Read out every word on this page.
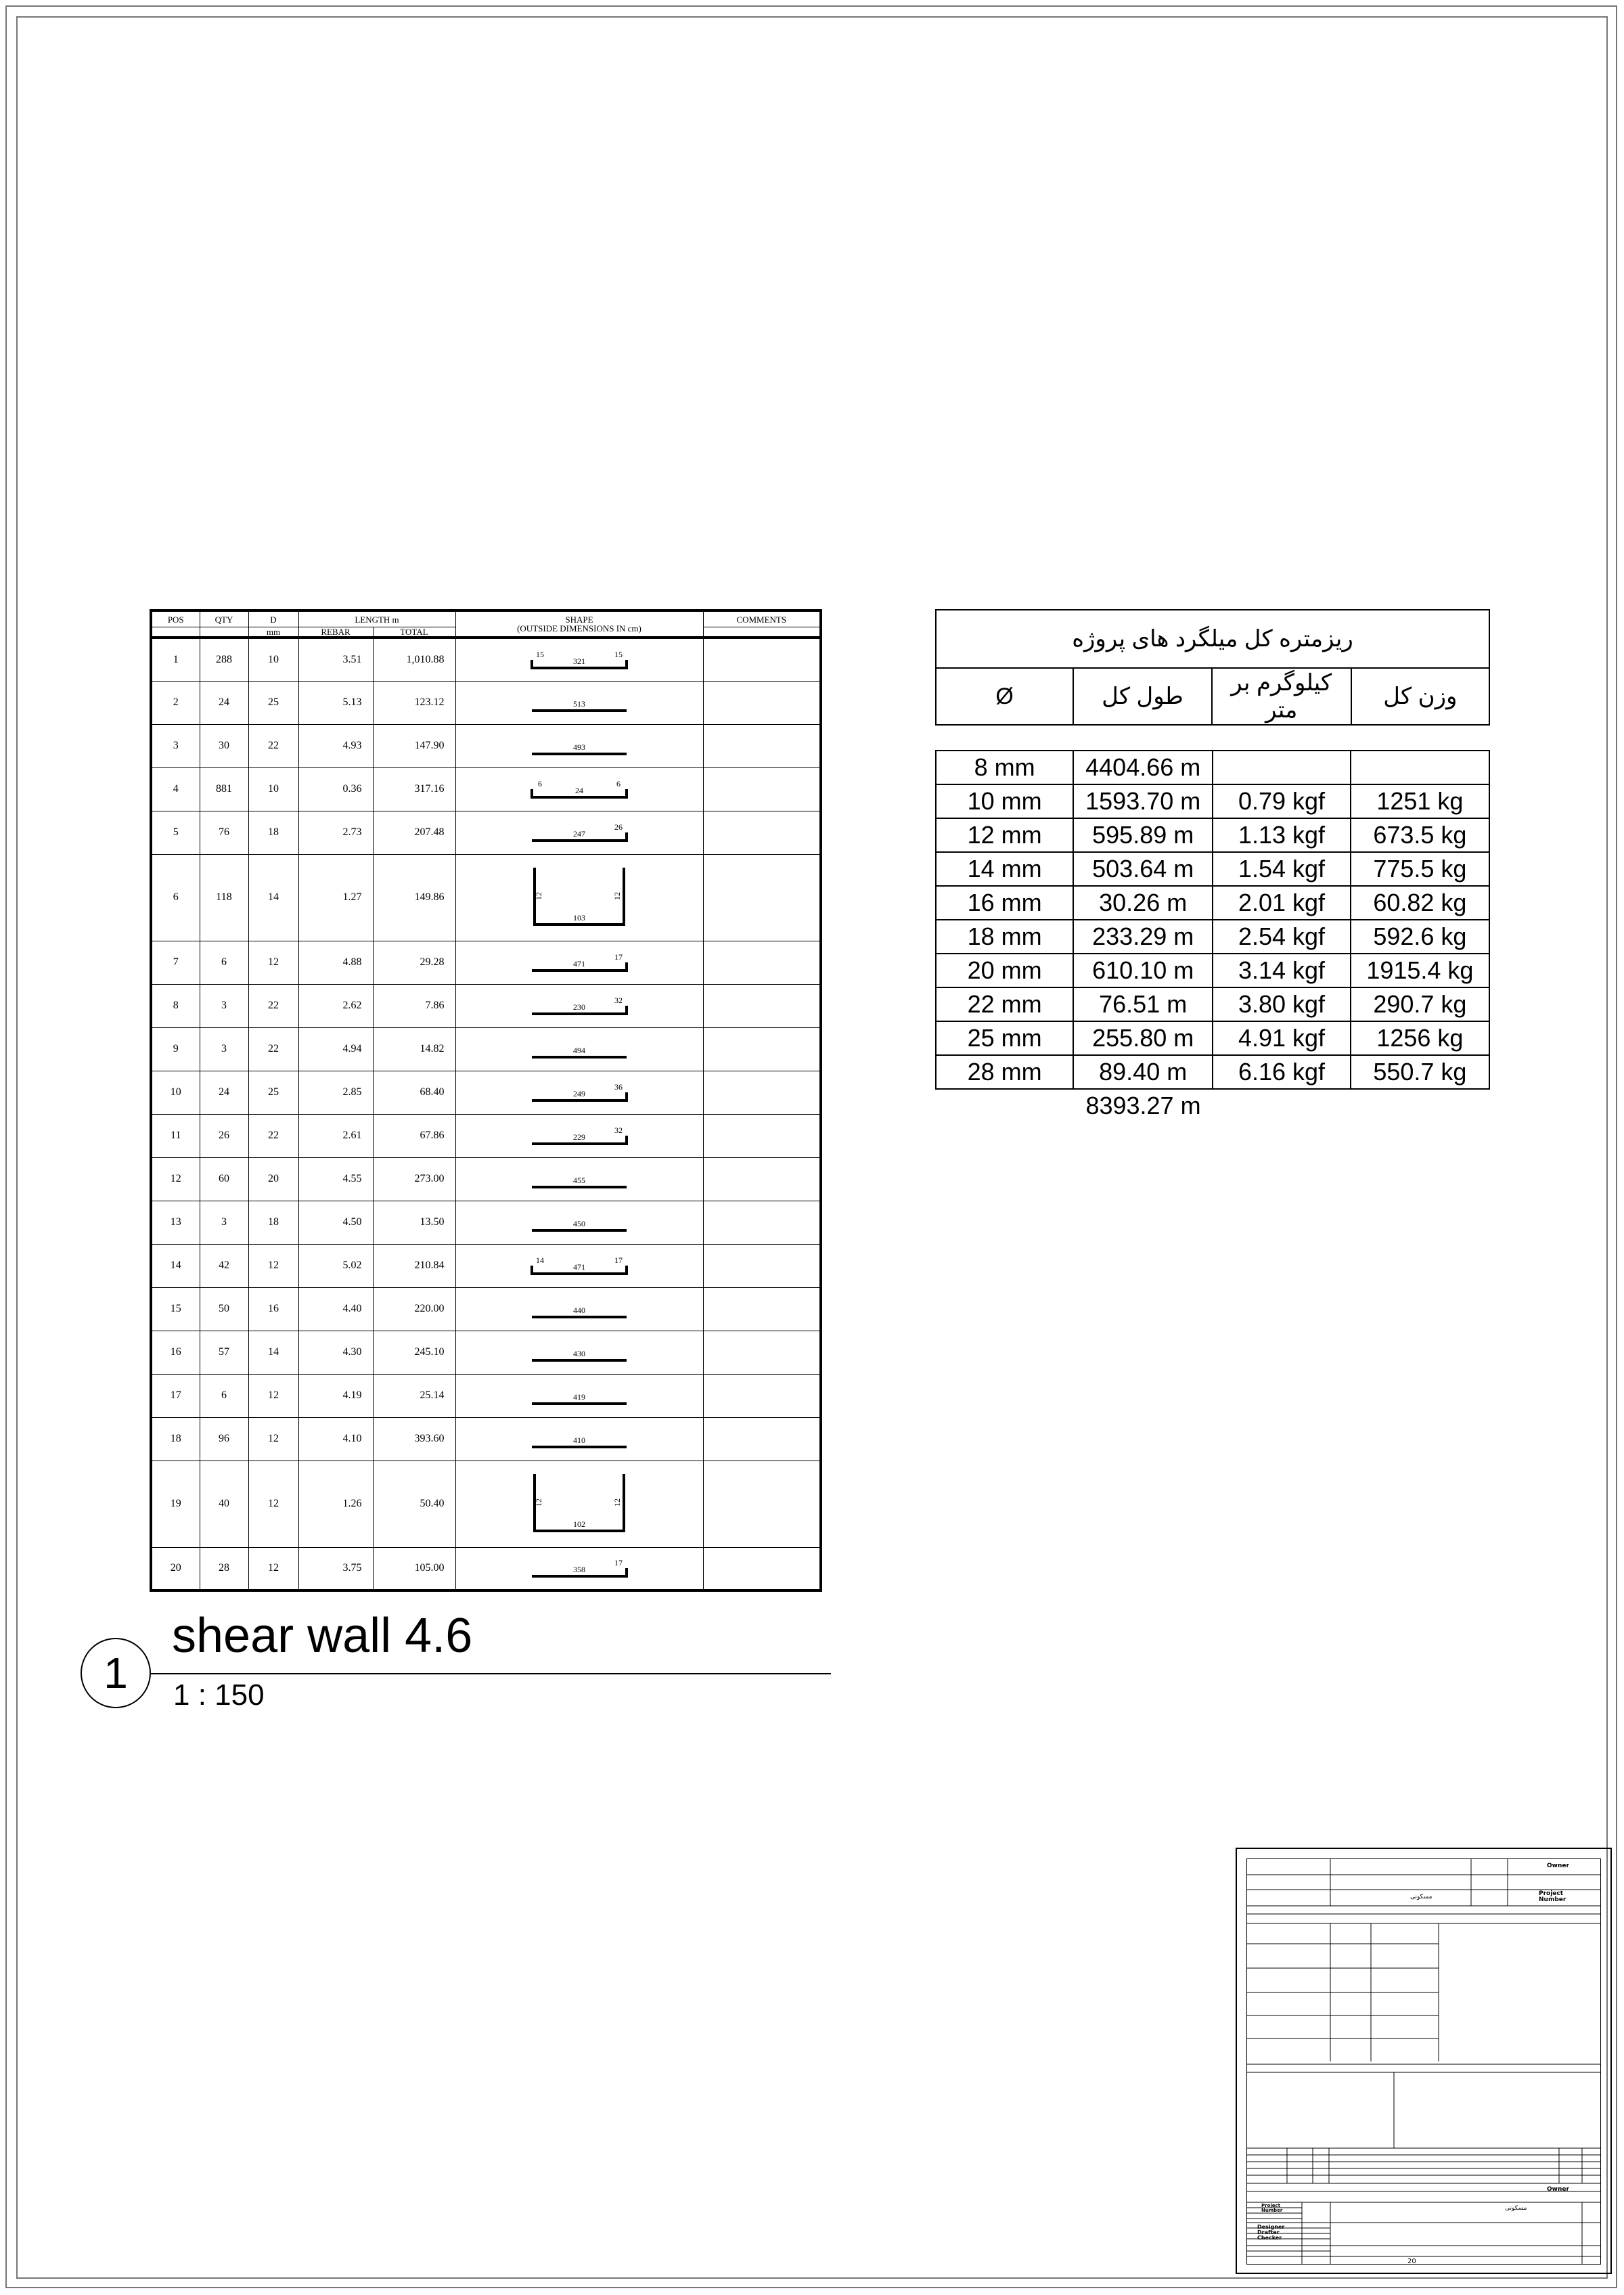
POS	QTY	D	LENGTH m		SHAPE
(OUTSIDE DIMENSIONS IN cm)	COMMENTS
		mm	REBAR	TOTAL		
1	288	10	3.51	1,010.88	321
15 15	

2	24	25	5.13	123.12	513	

3	30	22	4.93	147.90	493	

4	881	10	0.36	317.16	24
6 6	

5	76	18	2.73	207.48	247
26	

6	118	14	1.27	149.86	103
12 12	

7	6	12	4.88	29.28	471
17	

8	3	22	2.62	7.86	230
32	

9	3	22	4.94	14.82	494	

10	24	25	2.85	68.40	249
36	

11	26	22	2.61	67.86	229
32	

12	60	20	4.55	273.00	455	

13	3	18	4.50	13.50	450	

14	42	12	5.02	210.84	471
14 17	

15	50	16	4.40	220.00	440	

16	57	14	4.30	245.10	430	

17	6	12	4.19	25.14	419	

18	96	12	4.10	393.60	410	

19	40	12	1.26	50.40	102
12 12	

20	28	12	3.75	105.00	358
17	

1
shear wall 4.6
1 : 150
ریزمتره کل میلگرد های پروژه
Ø	طول کل	کیلوگرم بر متر	وزن کل
8 mm	4404.66 m		
10 mm	1593.70 m	0.79 kgf	1251 kg
12 mm	595.89 m	1.13 kgf	673.5 kg
14 mm	503.64 m	1.54 kgf	775.5 kg
16 mm	30.26 m	2.01 kgf	60.82 kg
18 mm	233.29 m	2.54 kgf	592.6 kg
20 mm	610.10 m	3.14 kgf	1915.4 kg
22 mm	76.51 m	3.80 kgf	290.7 kg
25 mm	255.80 m	4.91 kgf	1256 kg
28 mm	89.40 m	6.16 kgf	550.7 kg
8393.27 m
Owner
Project Number
مسکونی
Owner
Project Number
Designer
Drafter
Checker
مسکونی
20
